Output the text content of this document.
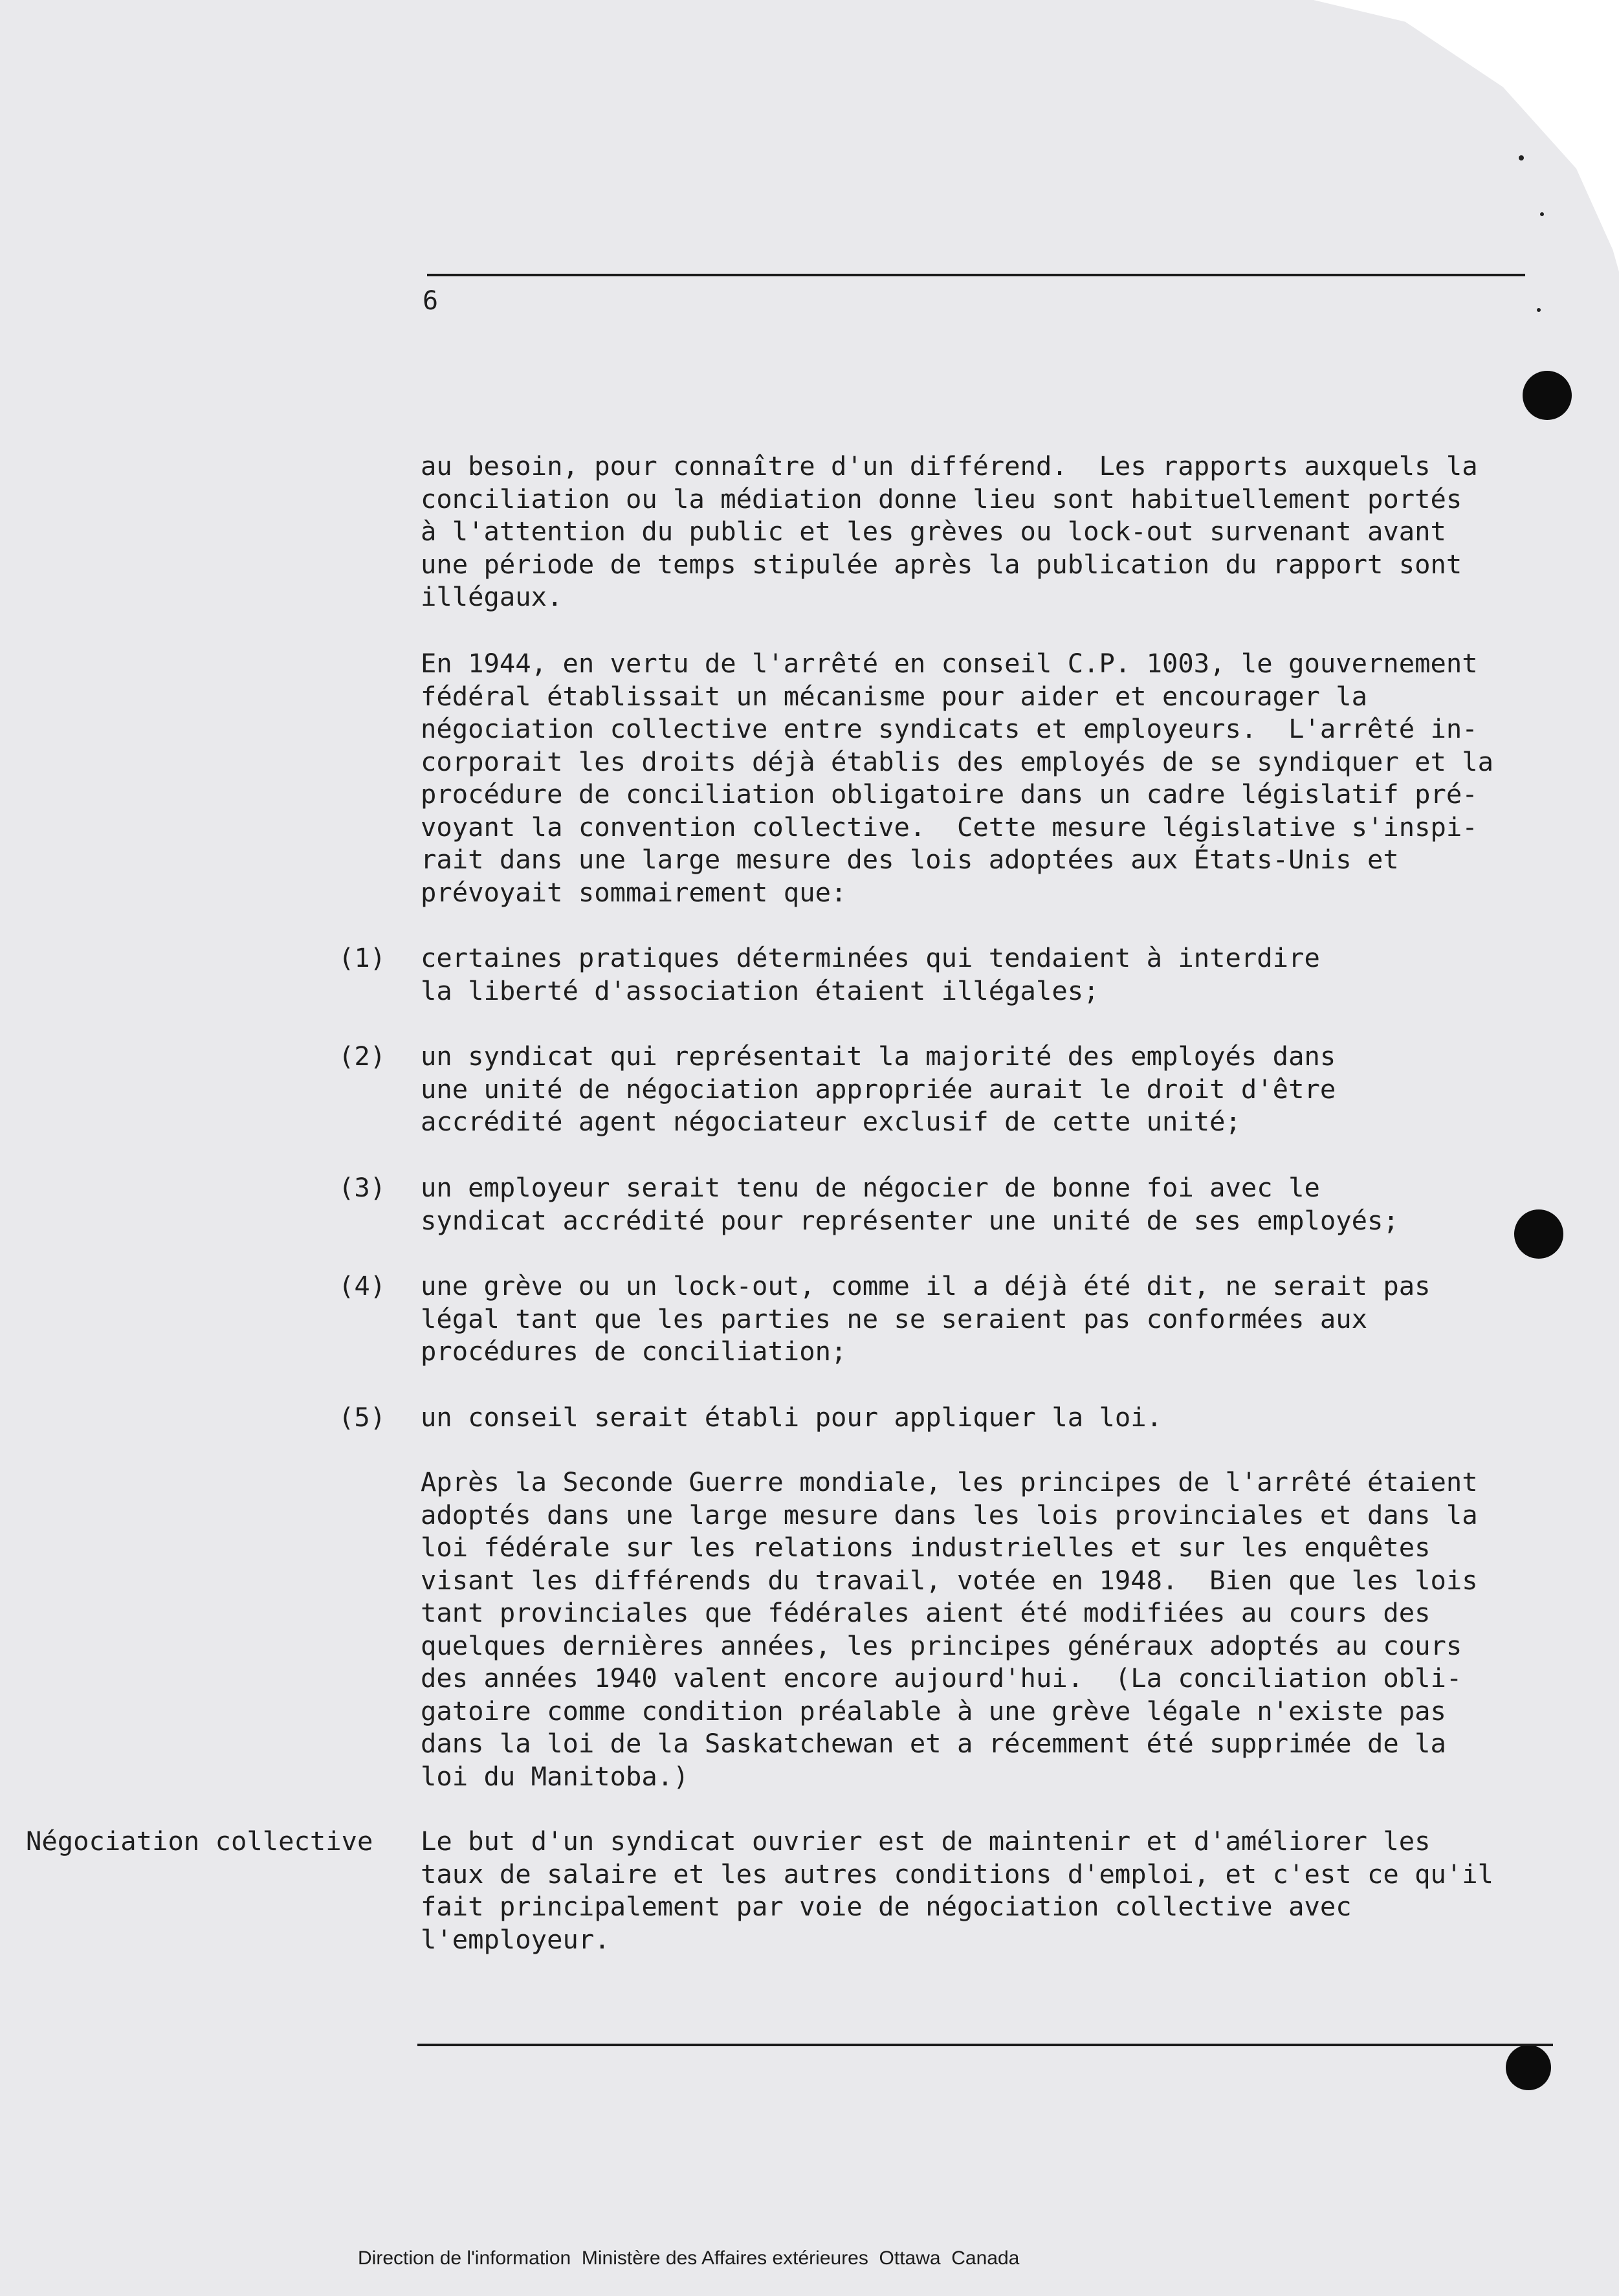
6

au besoin, pour connaître d'un différend.  Les rapports auxquels la
conciliation ou la médiation donne lieu sont habituellement portés
à l'attention du public et les grèves ou lock-out survenant avant
une période de temps stipulée après la publication du rapport sont
illégaux.

En 1944, en vertu de l'arrêté en conseil C.P. 1003, le gouvernement
fédéral établissait un mécanisme pour aider et encourager la
négociation collective entre syndicats et employeurs.  L'arrêté in-
corporait les droits déjà établis des employés de se syndiquer et la
procédure de conciliation obligatoire dans un cadre législatif pré-
voyant la convention collective.  Cette mesure législative s'inspi-
rait dans une large mesure des lois adoptées aux États-Unis et
prévoyait sommairement que:

(1) certaines pratiques déterminées qui tendaient à interdire
la liberté d'association étaient illégales;

(2) un syndicat qui représentait la majorité des employés dans
une unité de négociation appropriée aurait le droit d'être
accrédité agent négociateur exclusif de cette unité;

(3) un employeur serait tenu de négocier de bonne foi avec le
syndicat accrédité pour représenter une unité de ses employés;

(4) une grève ou un lock-out, comme il a déjà été dit, ne serait pas
légal tant que les parties ne se seraient pas conformées aux
procédures de conciliation;

(5) un conseil serait établi pour appliquer la loi.

Après la Seconde Guerre mondiale, les principes de l'arrêté étaient
adoptés dans une large mesure dans les lois provinciales et dans la
loi fédérale sur les relations industrielles et sur les enquêtes
visant les différends du travail, votée en 1948.  Bien que les lois
tant provinciales que fédérales aient été modifiées au cours des
quelques dernières années, les principes généraux adoptés au cours
des années 1940 valent encore aujourd'hui.  (La conciliation obli-
gatoire comme condition préalable à une grève légale n'existe pas
dans la loi de la Saskatchewan et a récemment été supprimée de la
loi du Manitoba.)

Négociation collective Le but d'un syndicat ouvrier est de maintenir et d'améliorer les
taux de salaire et les autres conditions d'emploi, et c'est ce qu'il
fait principalement par voie de négociation collective avec
l'employeur.

Direction de l'information  Ministère des Affaires extérieures  Ottawa  Canada
